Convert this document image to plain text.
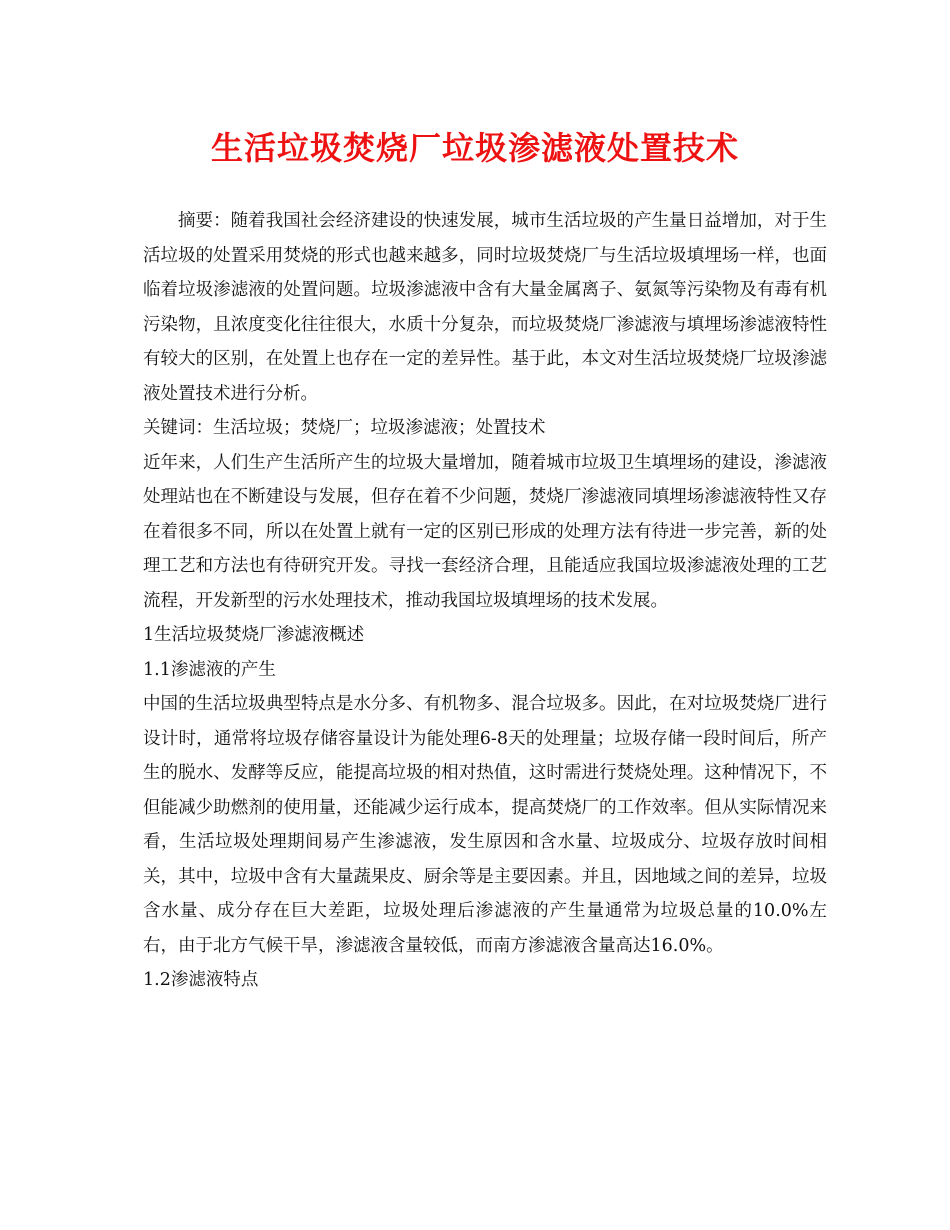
生活垃圾焚烧厂垃圾渗滤液处置技术

摘要：随着我国社会经济建设的快速发展，城市生活垃圾的产生量日益增加，对于生活垃圾的处置采用焚烧的形式也越来越多，同时垃圾焚烧厂与生活垃圾填埋场一样，也面临着垃圾渗滤液的处置问题。垃圾渗滤液中含有大量金属离子、氨氮等污染物及有毒有机污染物，且浓度变化往往很大，水质十分复杂，而垃圾焚烧厂渗滤液与填埋场渗滤液特性有较大的区别，在处置上也存在一定的差异性。基于此，本文对生活垃圾焚烧厂垃圾渗滤液处置技术进行分析。

关键词：生活垃圾；焚烧厂；垃圾渗滤液；处置技术

近年来，人们生产生活所产生的垃圾大量增加，随着城市垃圾卫生填埋场的建设，渗滤液处理站也在不断建设与发展，但存在着不少问题，焚烧厂渗滤液同填埋场渗滤液特性又存在着很多不同，所以在处置上就有一定的区别已形成的处理方法有待进一步完善，新的处理工艺和方法也有待研究开发。寻找一套经济合理，且能适应我国垃圾渗滤液处理的工艺流程，开发新型的污水处理技术，推动我国垃圾填埋场的技术发展。

1生活垃圾焚烧厂渗滤液概述

1.1渗滤液的产生

中国的生活垃圾典型特点是水分多、有机物多、混合垃圾多。因此，在对垃圾焚烧厂进行设计时，通常将垃圾存储容量设计为能处理6-8天的处理量；垃圾存储一段时间后，所产生的脱水、发酵等反应，能提高垃圾的相对热值，这时需进行焚烧处理。这种情况下，不但能减少助燃剂的使用量，还能减少运行成本，提高焚烧厂的工作效率。但从实际情况来看，生活垃圾处理期间易产生渗滤液，发生原因和含水量、垃圾成分、垃圾存放时间相关，其中，垃圾中含有大量蔬果皮、厨余等是主要因素。并且，因地域之间的差异，垃圾含水量、成分存在巨大差距，垃圾处理后渗滤液的产生量通常为垃圾总量的10.0%左右，由于北方气候干旱，渗滤液含量较低，而南方渗滤液含量高达16.0%。

1.2渗滤液特点
